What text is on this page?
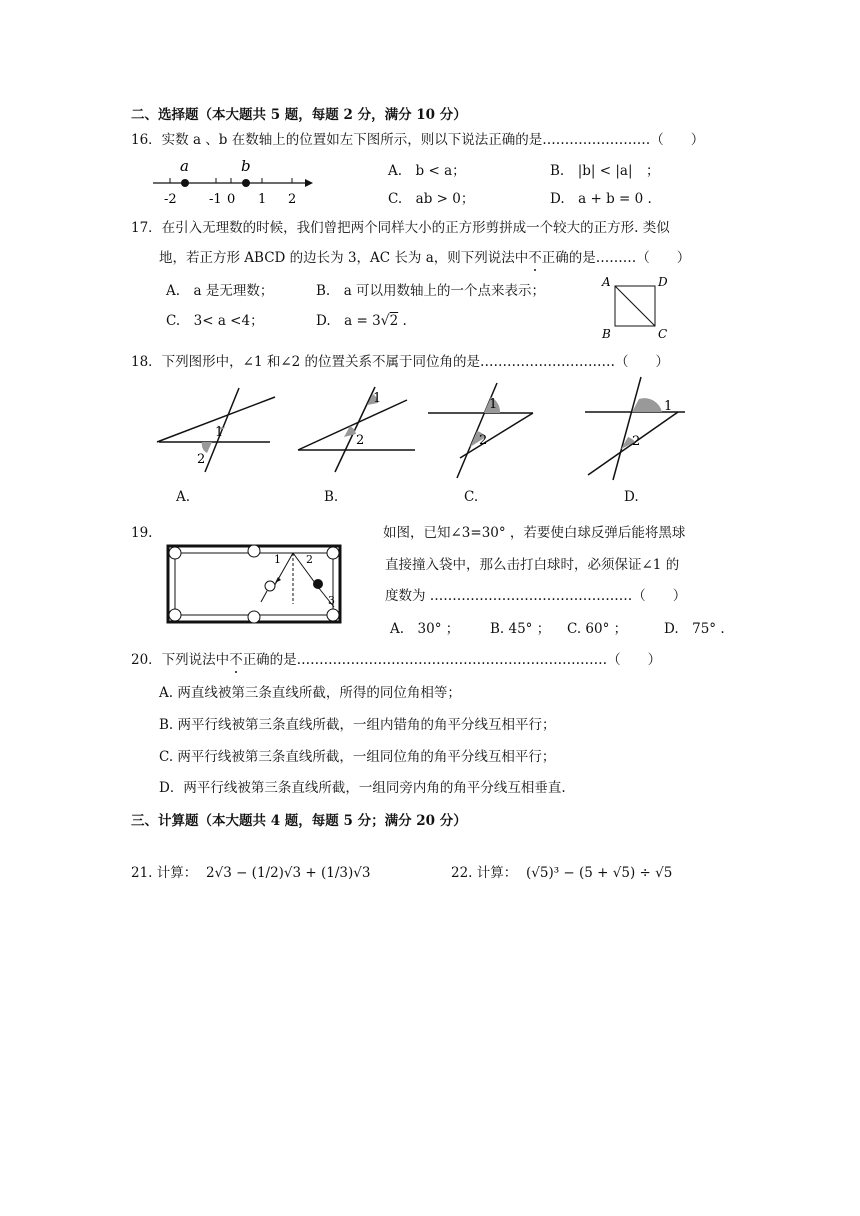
二、选择题（本大题共 5 题，每题 2 分，满分 10 分）
16．实数 a 、b 在数轴上的位置如左下图所示，则以下说法正确的是……………………（　　）
a	b
-2 -1 0 1 2
A.　b < a；	B.　|b| < |a|　；
C.　ab > 0；	D.　a + b = 0 .
17．在引入无理数的时候，我们曾把两个同样大小的正方形剪拼成一个较大的正方形. 类似
地，若正方形 ABCD 的边长为 3，AC 长为 a，则下列说法中不正确的是………（　　）
A.　a 是无理数；	B.　a 可以用数轴上的一个点来表示；
C.　3< a <4；	D.　a = 3√2 .
A	D
B	C
18．下列图形中，∠1 和∠2 的位置关系不属于同位角的是…………………………（　　）
1
2
A.
1
2
B.
1
2
C.
1
2
D.
19.
1 2
3
如图，已知∠3=30° ，若要使白球反弹后能将黑球
直接撞入袋中，那么击打白球时，必须保证∠1 的
度数为 ………………………………………（　　）
A.　30° ； B. 45° ； C. 60° ；	D.　75° .
20．下列说法中不正确的是……………………………………………………………（　　）
A. 两直线被第三条直线所截，所得的同位角相等；
B. 两平行线被第三条直线所截，一组内错角的角平分线互相平行；
C. 两平行线被第三条直线所截，一组同位角的角平分线互相平行；
D．两平行线被第三条直线所截，一组同旁内角的角平分线互相垂直.
三、计算题（本大题共 4 题，每题 5 分；满分 20 分）
21. 计算： 2√3 − (1/2)√3 + (1/3)√3	22. 计算： (√5)³ − (5 + √5) ÷ √5
